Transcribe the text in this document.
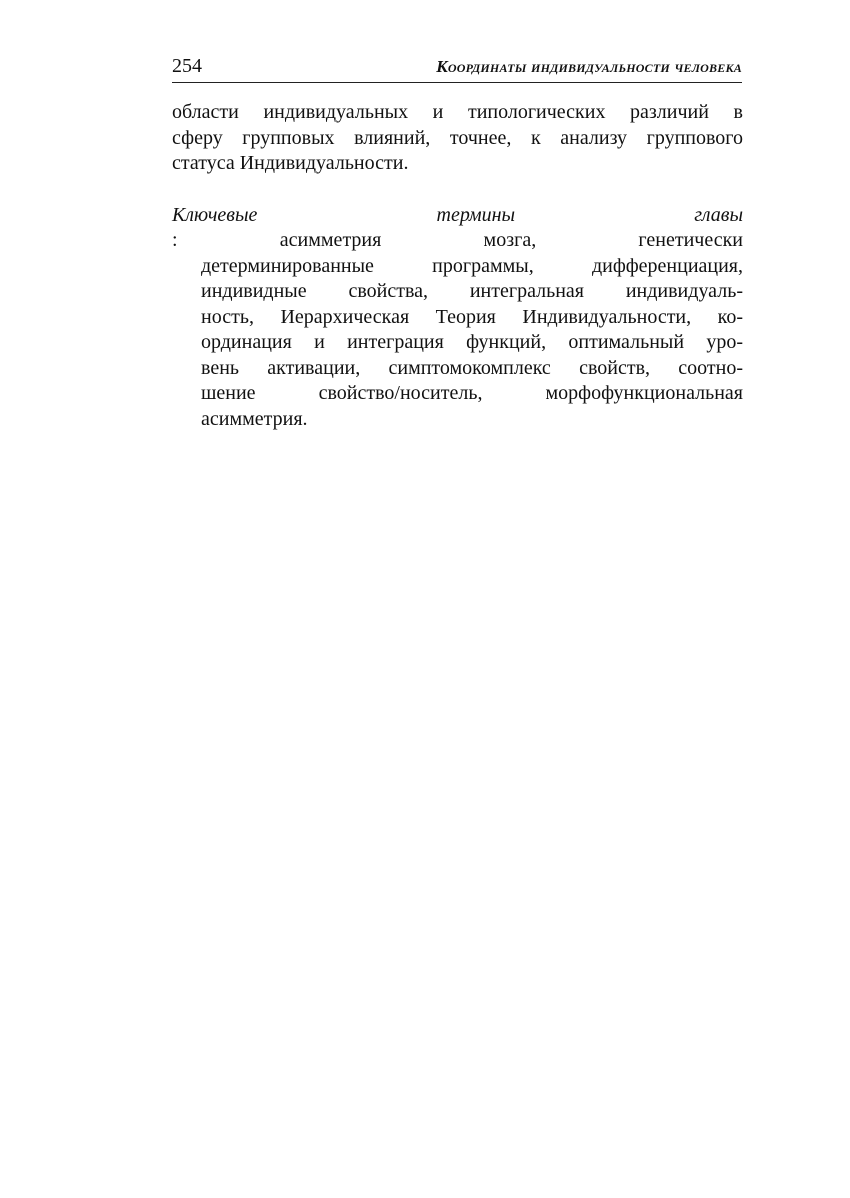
254	Координаты индивидуальности человека

области индивидуальных и типологических различий в
сферу групповых влияний, точнее, к анализу группового
статуса Индивидуальности.

Ключевые термины главы
: асимметрия мозга, генетически
детерминированные программы, дифференциация,
индивидные свойства, интегральная индивидуаль-
ность, Иерархическая Теория Индивидуальности, ко-
ординация и интеграция функций, оптимальный уро-
вень активации, симптомокомплекс свойств, соотно-
шение свойство/носитель, морфофункциональная
асимметрия.
